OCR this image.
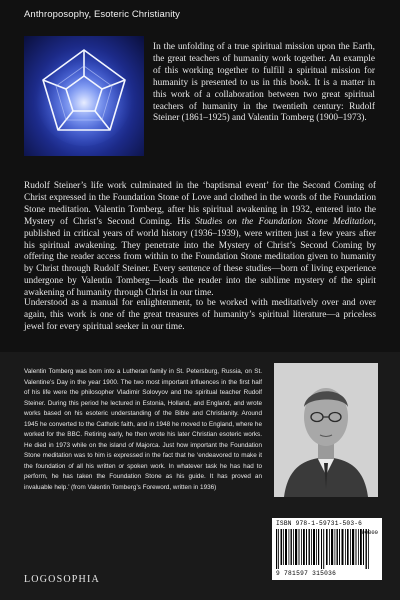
Anthroposophy, Esoteric Christianity

In the unfolding of a true spiritual mission upon the Earth, the great teachers of humanity work together. An example of this working together to fulfill a spiritual mission for humanity is presented to us in this book. It is a matter in this work of a collaboration between two great spiritual teachers of humanity in the twentieth century: Rudolf Steiner (1861–1925) and Valentin Tomberg (1900–1973).

Rudolf Steiner’s life work culminated in the ‘baptismal event’ for the Second Coming of Christ expressed in the Foundation Stone of Love and clothed in the words of the Foundation Stone meditation. Valentin Tomberg, after his spiritual awakening in 1932, entered into the Mystery of Christ’s Second Coming. His Studies on the Foundation Stone Meditation, published in critical years of world history (1936–1939), were written just a few years after his spiritual awakening. They penetrate into the Mystery of Christ’s Second Coming by offering the reader access from within to the Foundation Stone meditation given to humanity by Christ through Rudolf Steiner. Every sentence of these studies—born of living experience undergone by Valentin Tomberg—leads the reader into the sublime mystery of the spirit awakening of humanity through Christ in our time.

Understood as a manual for enlightenment, to be worked with meditatively over and over again, this work is one of the great treasures of humanity’s spiritual literature—a priceless jewel for every spiritual seeker in our time.

Valentin Tomberg was born into a Lutheran family in St. Petersburg, Russia, on St. Valentine’s Day in the year 1900. The two most important influences in the first half of his life were the philosopher Vladimir Solovyov and the spiritual teacher Rudolf Steiner. During this period he lectured in Estonia, Holland, and England, and wrote works based on his esoteric understanding of the Bible and Christianity. Around 1945 he converted to the Catholic faith, and in 1948 he moved to England, where he worked for the BBC. Retiring early, he then wrote his later Christian esoteric works. He died in 1973 while on the island of Majorca. Just how important the Foundation Stone meditation was to him is expressed in the fact that he ‘endeavored to make it the foundation of all his written or spoken work. In whatever task he has had to perform, he has taken the Foundation Stone as his guide. It has proved an invaluable help.’ (from Valentin Tomberg’s Foreword, written in 1936)

ISBN 978-1-59731-503-6
90000
9 781597 315036
LOGOSOPHIA
